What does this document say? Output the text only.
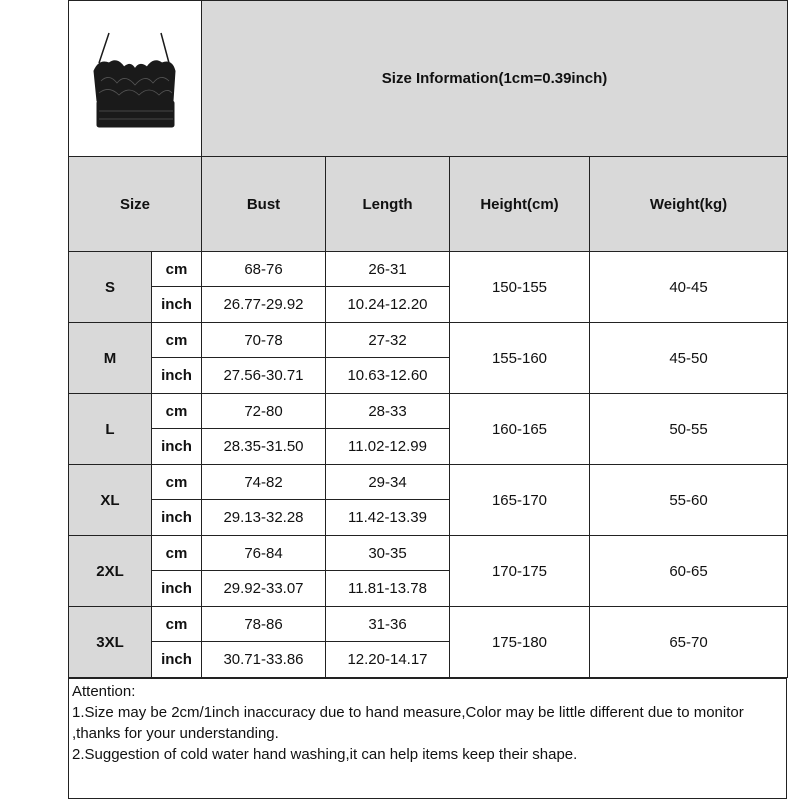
	Size Information(1cm=0.39inch)			
Size		Bust	Length	Height(cm)	Weight(kg)
S	cm	68-76	26-31	150-155	40-45
	inch	26.77-29.92	10.24-12.20		
M	cm	70-78	27-32	155-160	45-50
	inch	27.56-30.71	10.63-12.60		
L	cm	72-80	28-33	160-165	50-55
	inch	28.35-31.50	11.02-12.99		
XL	cm	74-82	29-34	165-170	55-60
	inch	29.13-32.28	11.42-13.39		
2XL	cm	76-84	30-35	170-175	60-65
	inch	29.92-33.07	11.81-13.78		
3XL	cm	78-86	31-36	175-180	65-70
	inch	30.71-33.86	12.20-14.17		
Attention:
1.Size may be 2cm/1inch inaccuracy due to hand measure,Color may be little different due to monitor ,thanks for your understanding.
2.Suggestion of cold water hand washing,it can help items keep their shape.
